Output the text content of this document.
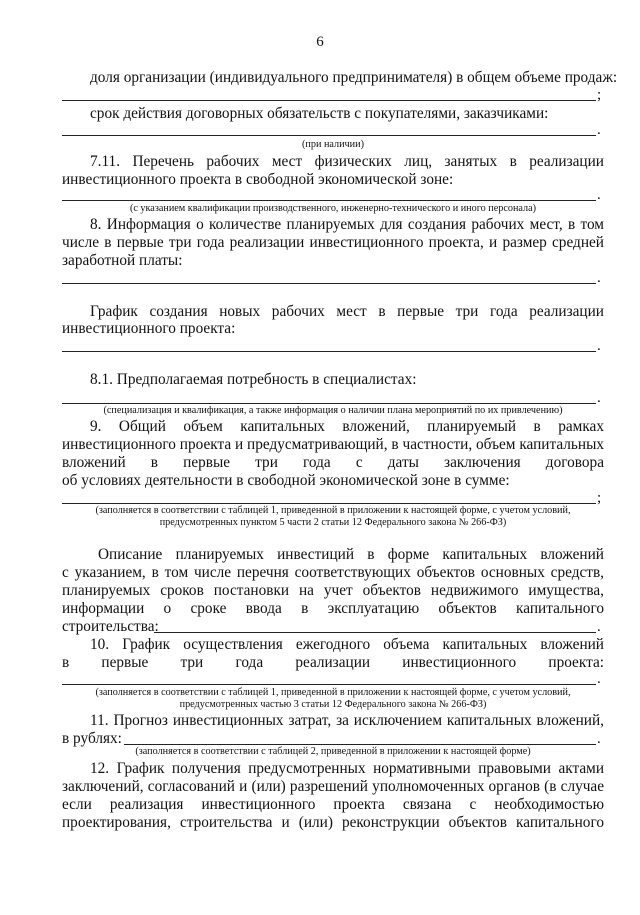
6
доля организации (индивидуального предпринимателя) в общем объеме продаж:
;
срок действия договорных обязательств с покупателями, заказчиками:
.
(при наличии)
7.11. Перечень рабочих мест физических лиц, занятых в реализации
инвестиционного проекта в свободной экономической зоне:
.
(с указанием квалификации производственного, инженерно-технического и иного персонала)
8. Информация о количестве планируемых для создания рабочих мест, в том
числе в первые три года реализации инвестиционного проекта, и размер средней
заработной платы:
.
График создания новых рабочих мест в первые три года реализации
инвестиционного проекта:
.
8.1. Предполагаемая потребность в специалистах:
.
(специализация и квалификация, а также информация о наличии плана мероприятий по их привлечению)
9. Общий объем капитальных вложений, планируемый в рамках
инвестиционного проекта и предусматривающий, в частности, объем капитальных
вложений в первые три года с даты заключения договора
об условиях деятельности в свободной экономической зоне в сумме:
;
(заполняется в соответствии с таблицей 1, приведенной в приложении к настоящей форме, с учетом условий,
предусмотренных пунктом 5 части 2 статьи 12 Федерального закона № 266-ФЗ)
Описание планируемых инвестиций в форме капитальных вложений
с указанием, в том числе перечня соответствующих объектов основных средств,
планируемых сроков постановки на учет объектов недвижимого имущества,
информации о сроке ввода в эксплуатацию объектов капитального
строительства:	.
10. График осуществления ежегодного объема капитальных вложений
в первые три года реализации инвестиционного проекта:
.
(заполняется в соответствии с таблицей 1, приведенной в приложении к настоящей форме, с учетом условий,
предусмотренных частью 3 статьи 12 Федерального закона № 266-ФЗ)
11. Прогноз инвестиционных затрат, за исключением капитальных вложений,
в рублях:	.
(заполняется в соответствии с таблицей 2, приведенной в приложении к настоящей форме)
12. График получения предусмотренных нормативными правовыми актами
заключений, согласований и (или) разрешений уполномоченных органов (в случае
если реализация инвестиционного проекта связана с необходимостью
проектирования, строительства и (или) реконструкции объектов капитального
